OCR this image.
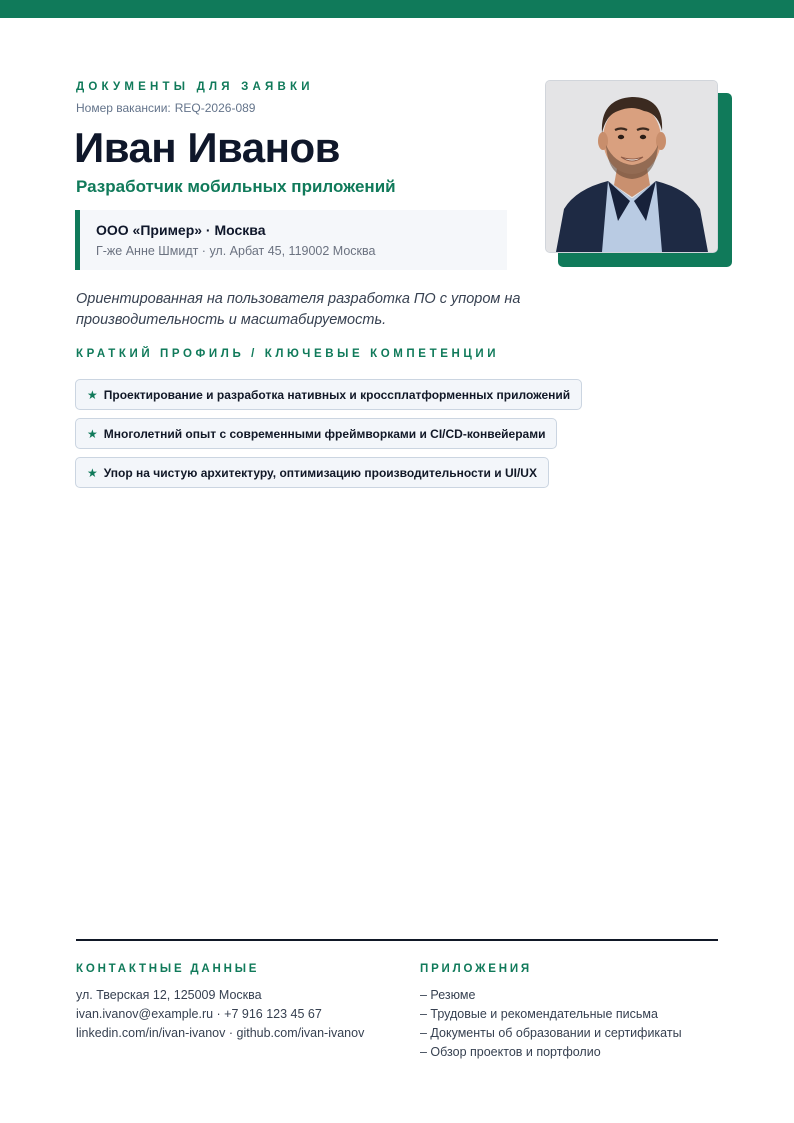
ДОКУМЕНТЫ ДЛЯ ЗАЯВКИ
Номер вакансии: REQ-2026-089
Иван Иванов
Разработчик мобильных приложений
ООО «Пример» · Москва
Г-же Анне Шмидт · ул. Арбат 45, 119002 Москва
Ориентированная на пользователя разработка ПО с упором на производительность и масштабируемость.
КРАТКИЙ ПРОФИЛЬ / КЛЮЧЕВЫЕ КОМПЕТЕНЦИИ
★ Проектирование и разработка нативных и кроссплатформенных приложений
★ Многолетний опыт с современными фреймворками и CI/CD-конвейерами
★ Упор на чистую архитектуру, оптимизацию производительности и UI/UX
КОНТАКТНЫЕ ДАННЫЕ
ул. Тверская 12, 125009 Москва
ivan.ivanov@example.ru · +7 916 123 45 67
linkedin.com/in/ivan-ivanov · github.com/ivan-ivanov
ПРИЛОЖЕНИЯ
– Резюме
– Трудовые и рекомендательные письма
– Документы об образовании и сертификаты
– Обзор проектов и портфолио
